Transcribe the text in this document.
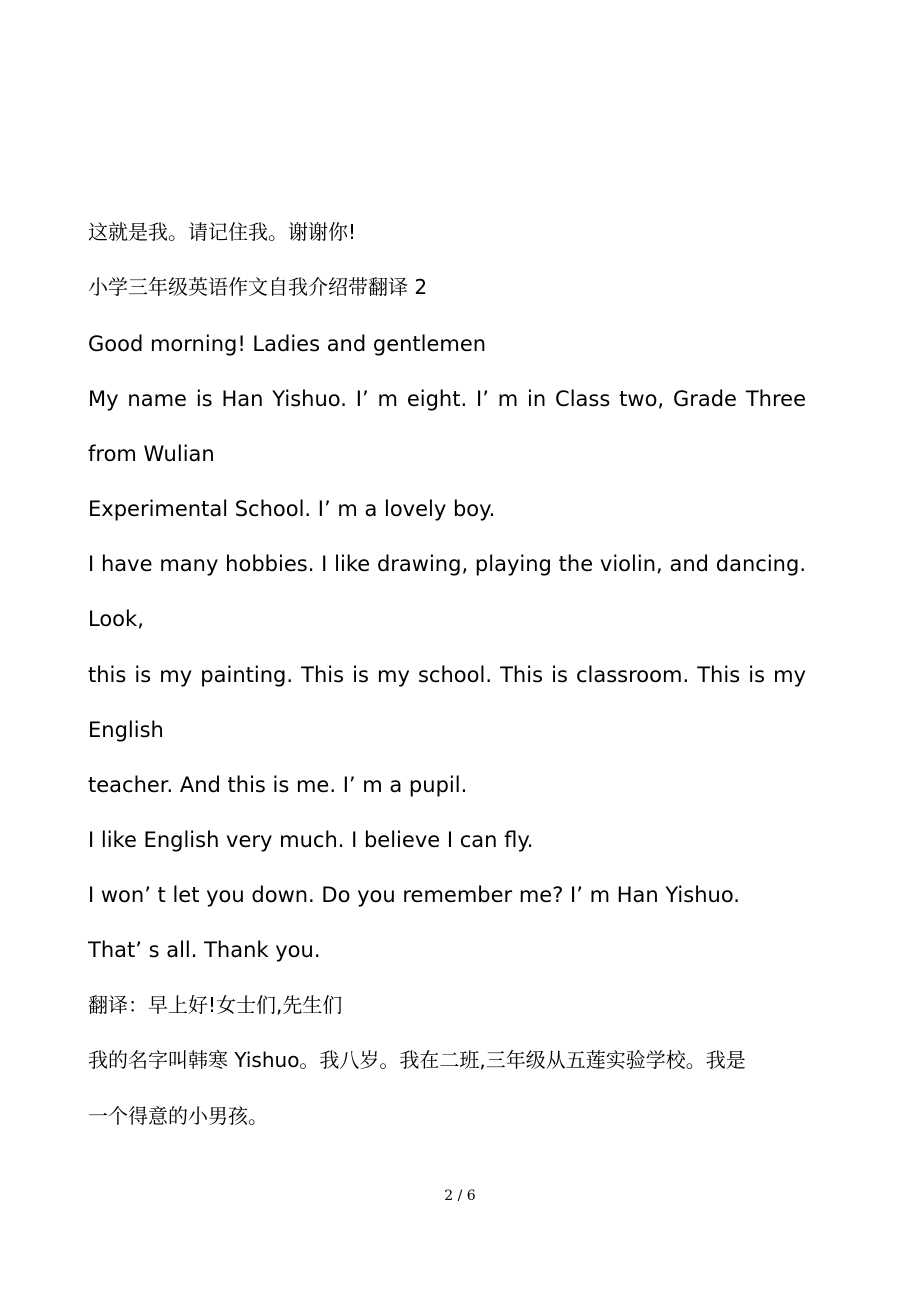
这就是我。请记住我。谢谢你!
小学三年级英语作文自我介绍带翻译 2
Good morning! Ladies and gentlemen
My name is Han Yishuo. I’ m eight. I’ m in Class two, Grade Three
from Wulian
Experimental School. I’ m a lovely boy.
I have many hobbies. I like drawing, playing the violin, and dancing.
Look,
this is my painting. This is my school. This is classroom. This is my
English
teacher. And this is me. I’ m a pupil.
I like English very much. I believe I can fly.
I won’ t let you down. Do you remember me? I’ m Han Yishuo.
That’ s all. Thank you.
翻译：早上好!女士们,先生们
我的名字叫韩寒 Yishuo。我八岁。我在二班,三年级从五莲实验学校。我是
一个得意的小男孩。
2 / 6
